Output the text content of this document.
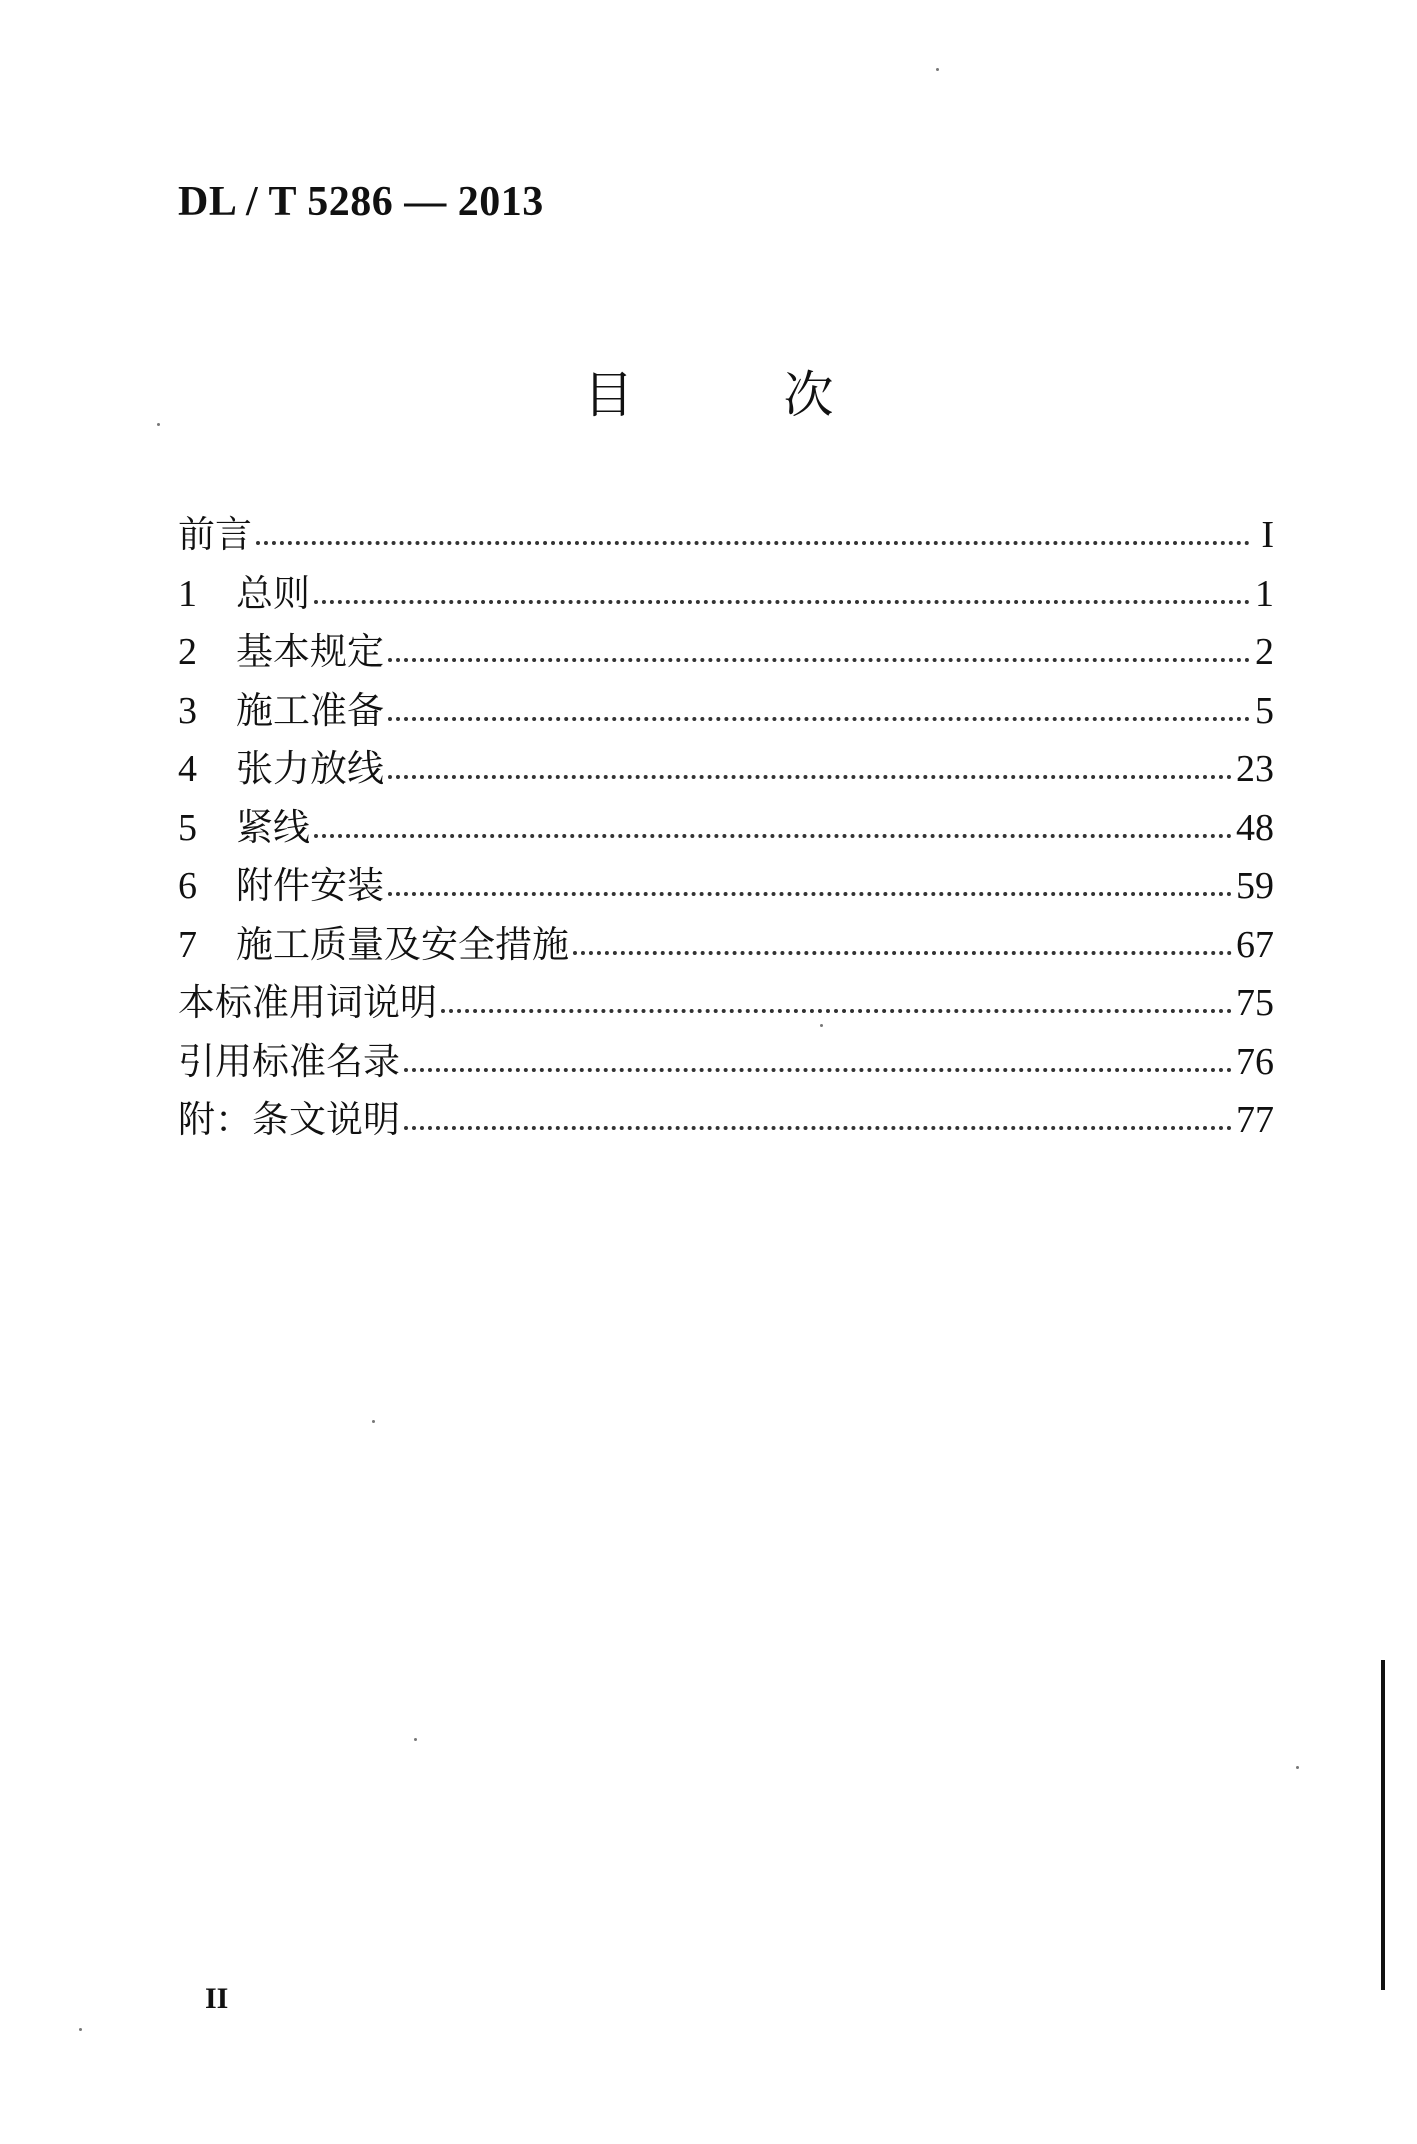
DL / T 5286 — 2013
目	次
前言	I
1	总则	1
2	基本规定	2
3	施工准备	5
4	张力放线	23
5	紧线	48
6	附件安装	59
7	施工质量及安全措施	67
本标准用词说明	75
引用标准名录	76
附：条文说明	77
II
